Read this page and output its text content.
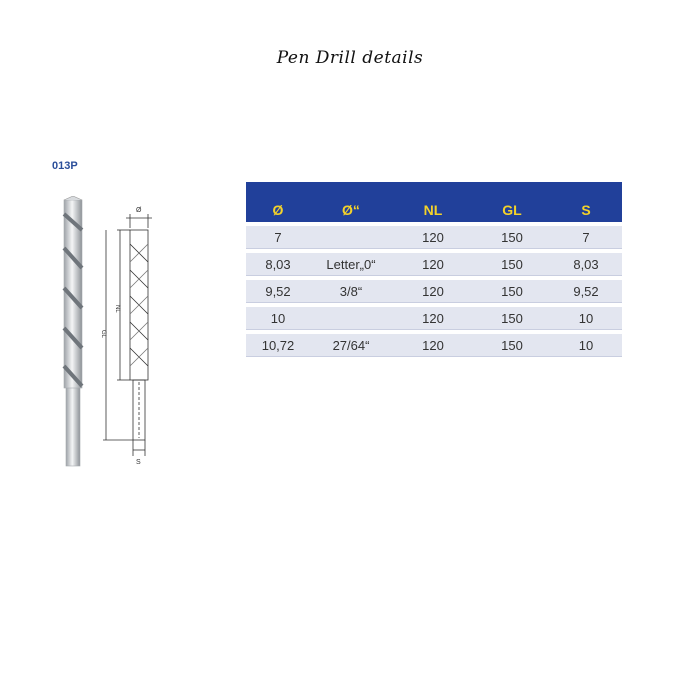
Pen Drill details
013P
Ø
NL
GL
S
Ø	Ø“	NL	GL	S
7		120	150	7
8,03	Letter„0“	120	150	8,03
9,52	3/8“	120	150	9,52
10		120	150	10
10,72	27/64“	120	150	10
